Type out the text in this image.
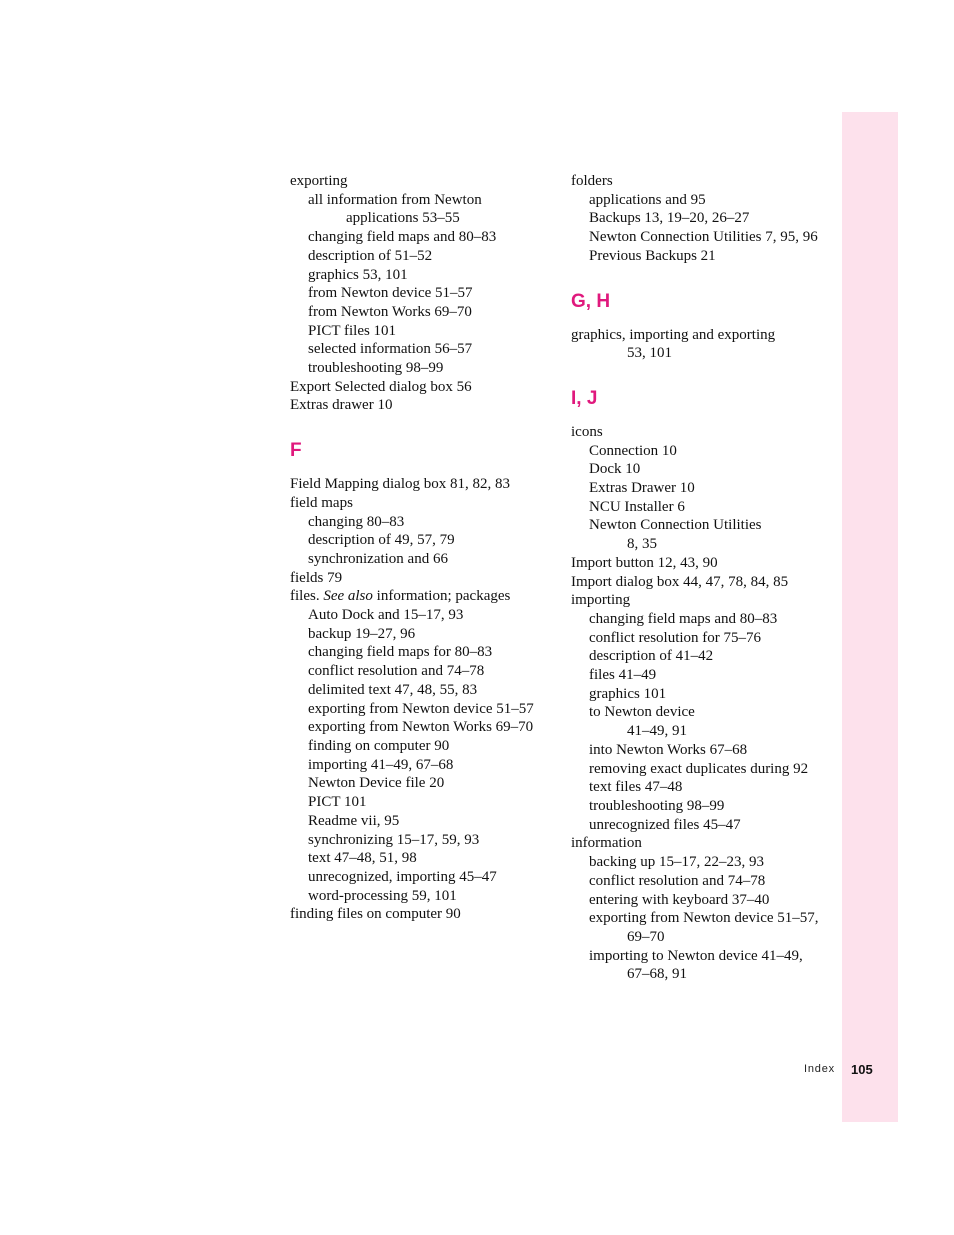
exporting
all information from Newton
applications 53–55
changing field maps and 80–83
description of 51–52
graphics 53, 101
from Newton device 51–57
from Newton Works 69–70
PICT files 101
selected information 56–57
troubleshooting 98–99
Export Selected dialog box 56
Extras drawer 10
F
Field Mapping dialog box 81, 82, 83
field maps
changing 80–83
description of 49, 57, 79
synchronization and 66
fields 79
files. See also information; packages
Auto Dock and 15–17, 93
backup 19–27, 96
changing field maps for 80–83
conflict resolution and 74–78
delimited text 47, 48, 55, 83
exporting from Newton device 51–57
exporting from Newton Works 69–70
finding on computer 90
importing 41–49, 67–68
Newton Device file 20
PICT 101
Readme vii, 95
synchronizing 15–17, 59, 93
text 47–48, 51, 98
unrecognized, importing 45–47
word-processing 59, 101
finding files on computer 90
folders
applications and 95
Backups 13, 19–20, 26–27
Newton Connection Utilities 7, 95, 96
Previous Backups 21
G, H
graphics, importing and exporting
53, 101
I, J
icons
Connection 10
Dock 10
Extras Drawer 10
NCU Installer 6
Newton Connection Utilities
8, 35
Import button 12, 43, 90
Import dialog box 44, 47, 78, 84, 85
importing
changing field maps and 80–83
conflict resolution for 75–76
description of 41–42
files 41–49
graphics 101
to Newton device
41–49, 91
into Newton Works 67–68
removing exact duplicates during 92
text files 47–48
troubleshooting 98–99
unrecognized files 45–47
information
backing up 15–17, 22–23, 93
conflict resolution and 74–78
entering with keyboard 37–40
exporting from Newton device 51–57,
69–70
importing to Newton device 41–49,
67–68, 91
Index 105
